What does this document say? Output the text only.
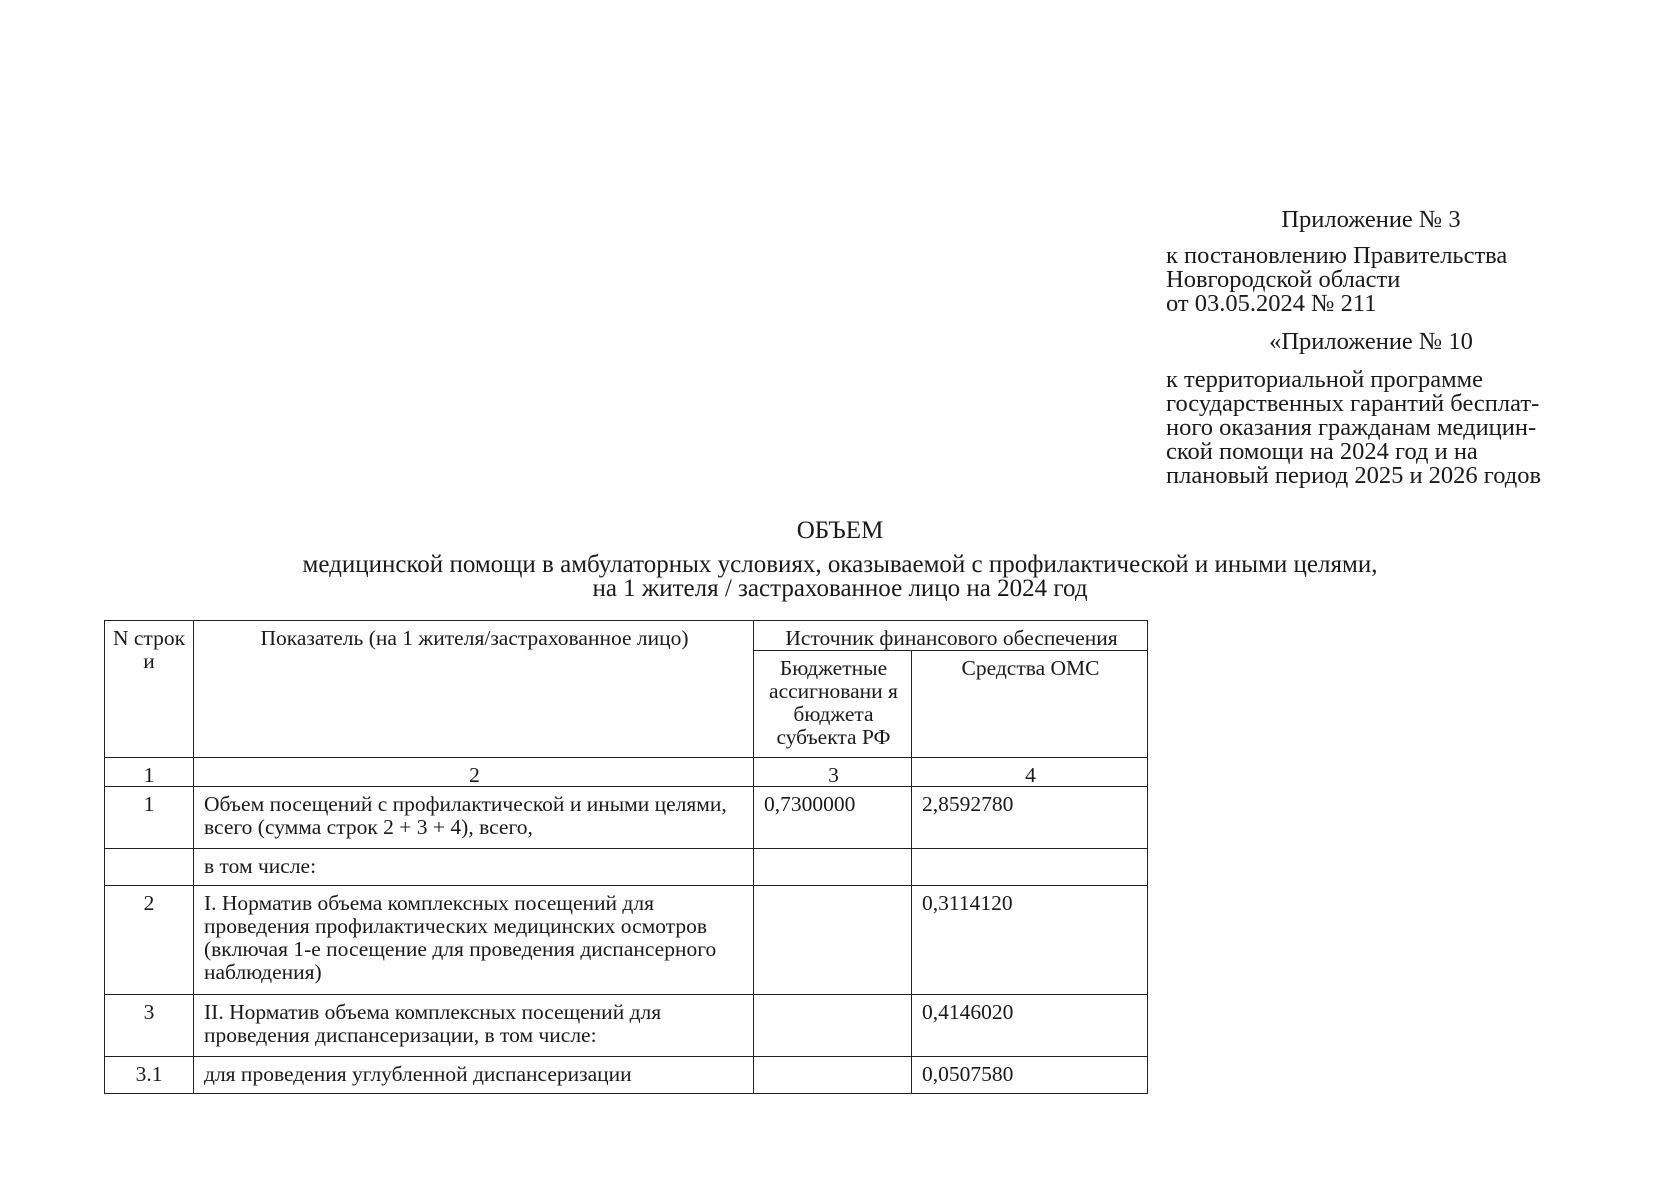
Приложение № 3
к постановлению Правительства
Новгородской области
от 03.05.2024 № 211
«Приложение № 10
к территориальной программе
государственных гарантий бесплат-
ного оказания гражданам медицин-
ской помощи на 2024 год и на
плановый период 2025 и 2026 годов
ОБЪЕМ
медицинской помощи в амбулаторных условиях, оказываемой с профилактической и иными целями,
на 1 жителя / застрахованное лицо на 2024 год
N строк и	Показатель (на 1 жителя/застрахованное лицо)	Источник финансового обеспечения	
		Бюджетные ассигновани я бюджета субъекта РФ	Средства ОМС
1	2	3	4
1	Объем посещений с профилактической и иными целями, всего (сумма строк 2 + 3 + 4), всего,	0,7300000	2,8592780
	в том числе:		
2	I. Норматив объема комплексных посещений для проведения профилактических медицинских осмотров (включая 1-е посещение для проведения диспансерного наблюдения)		0,3114120
3	II. Норматив объема комплексных посещений для проведения диспансеризации, в том числе:		0,4146020
3.1	для проведения углубленной диспансеризации		0,0507580
